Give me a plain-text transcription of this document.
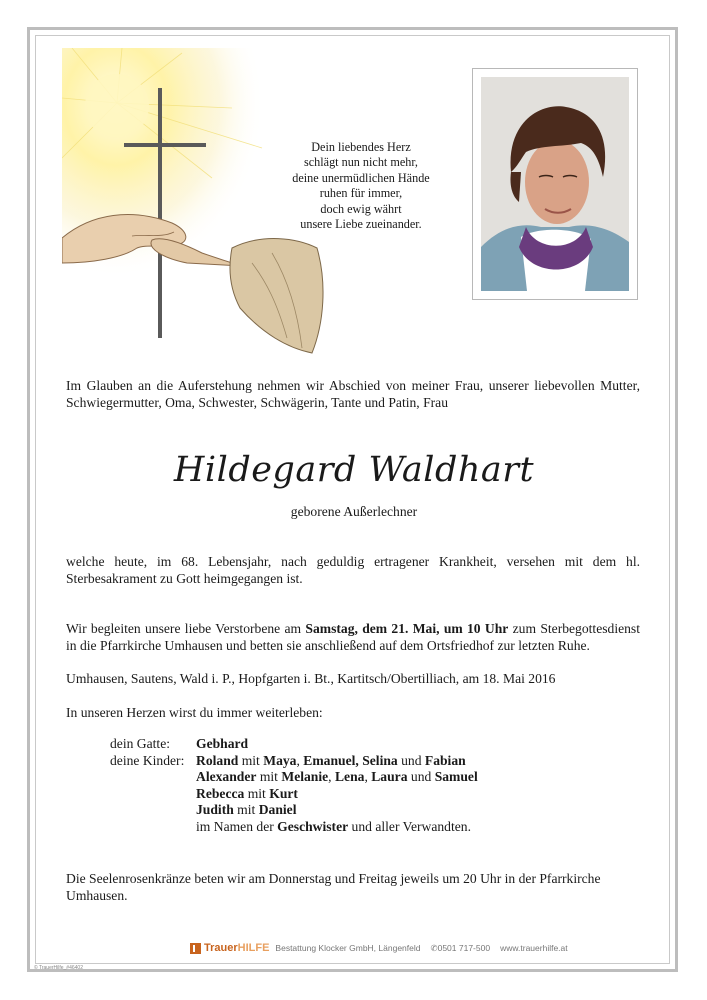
Dein liebendes Herz
schlägt nun nicht mehr,
deine unermüdlichen Hände
ruhen für immer,
doch ewig währt
unsere Liebe zueinander.
Im Glauben an die Auferstehung nehmen wir Abschied von meiner Frau, unserer liebevollen Mutter, Schwiegermutter, Oma, Schwester, Schwägerin, Tante und Patin, Frau
Hildegard Waldhart
geborene Außerlechner
welche heute, im 68. Lebensjahr, nach geduldig ertragener Krankheit, versehen mit dem hl. Sterbesakrament zu Gott heimgegangen ist.
Wir begleiten unsere liebe Verstorbene am Samstag, dem 21. Mai, um 10 Uhr zum Sterbegottesdienst in die Pfarrkirche Umhausen und betten sie anschließend auf dem Ortsfriedhof zur letzten Ruhe.
Umhausen, Sautens, Wald i. P., Hopfgarten i. Bt., Kartitsch/Obertilliach, am 18. Mai 2016
In unseren Herzen wirst du immer weiterleben:
dein Gatte:	Gebhard
deine Kinder: Roland mit Maya, Emanuel, Selina und Fabian
Alexander mit Melanie, Lena, Laura und Samuel
Rebecca mit Kurt
Judith mit Daniel
im Namen der Geschwister und aller Verwandten.
Die Seelenrosenkränze beten wir am Donnerstag und Freitag jeweils um 20 Uhr in der Pfarrkirche Umhausen.
Trauer HILFE Bestattung Klocker GmbH, Längenfeld ✆0501 717-500 www.trauerhilfe.at
© TrauerHilfe_#46402
